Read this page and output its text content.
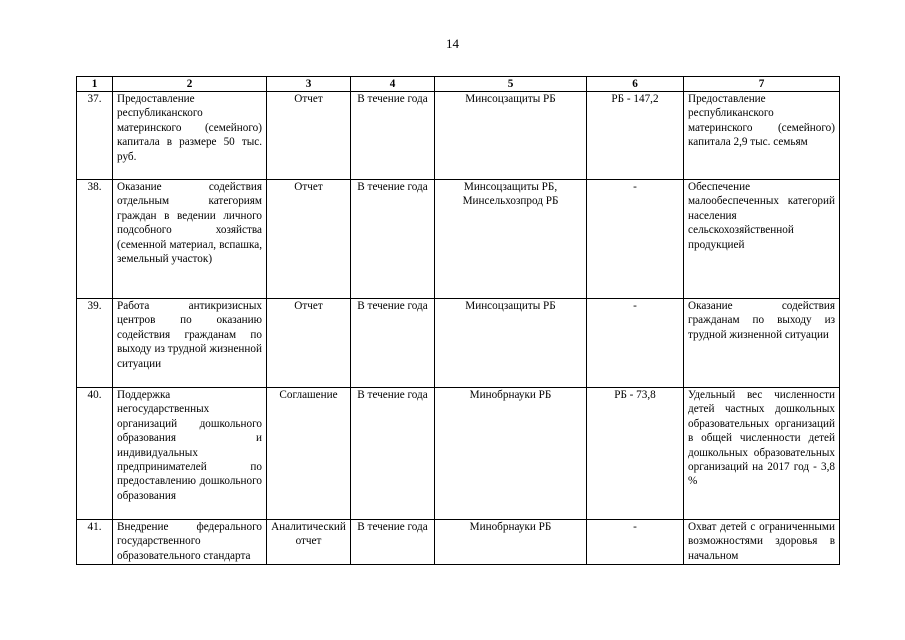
14
1	2	3	4	5	6	7
37.	Предоставление республиканского материнского (семейного) капитала в размере 50 тыс. руб.	Отчет	В течение года	Минсоцзащиты РБ	РБ - 147,2	Предоставление республиканского материнского (семейного) капитала 2,9 тыс. семьям
38.	Оказание содействия отдельным категориям граждан в ведении личного подсобного хозяйства (семенной материал, вспашка, земельный участок)	Отчет	В течение года	Минсоцзащиты РБ, Минсельхозпрод РБ	-	Обеспечение малообеспеченных категорий населения сельскохозяйственной продукцией
39.	Работа антикризисных центров по оказанию содействия гражданам по выходу из трудной жизненной ситуации	Отчет	В течение года	Минсоцзащиты РБ	-	Оказание содействия гражданам по выходу из трудной жизненной ситуации
40.	Поддержка негосударственных организаций дошкольного образования и индивидуальных предпринимателей по предоставлению дошкольного образования	Соглашение	В течение года	Минобрнауки РБ	РБ - 73,8	Удельный вес численности детей частных дошкольных образовательных организаций в общей численности детей дошкольных образовательных организаций на 2017 год - 3,8 %
41.	Внедрение федерального государственного образовательного стандарта	Аналитический отчет	В течение года	Минобрнауки РБ	-	Охват детей с ограниченными возможностями здоровья в начальном
